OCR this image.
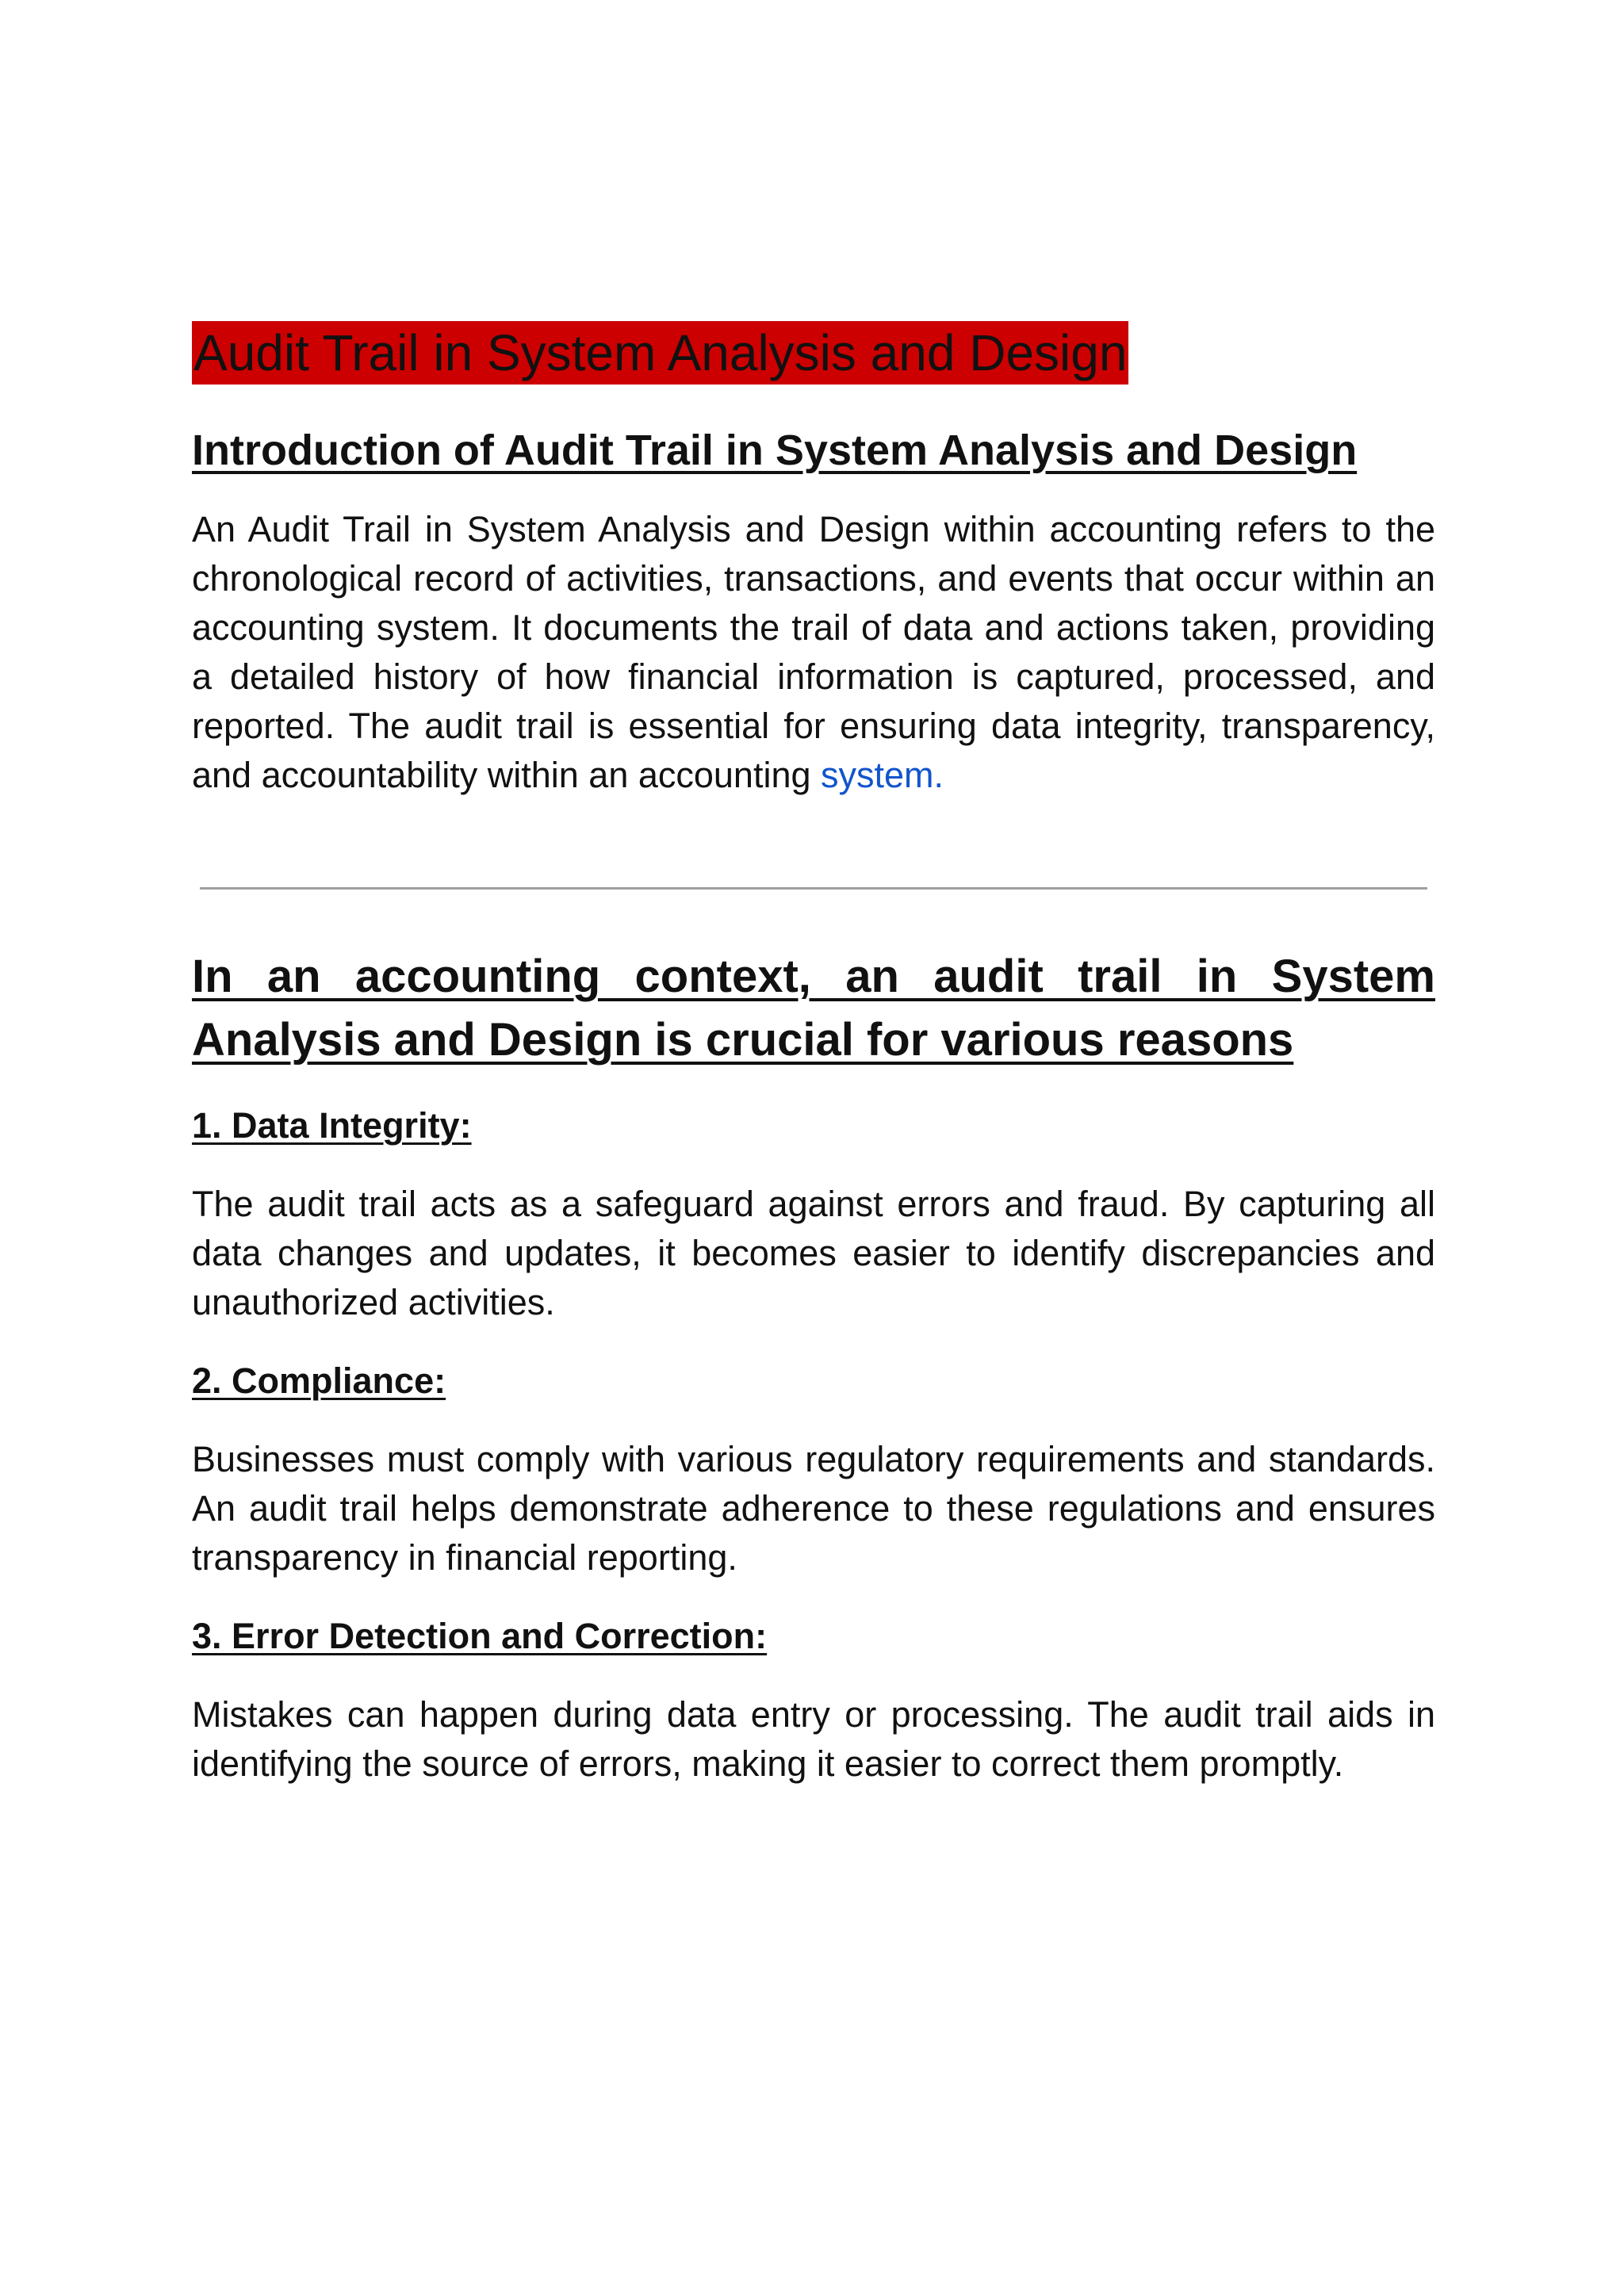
Audit Trail in System Analysis and Design
Introduction of Audit Trail in System Analysis and Design

An Audit Trail in System Analysis and Design within accounting refers to the chronological record of activities, transactions, and events that occur within an accounting system. It documents the trail of data and actions taken, providing a detailed history of how financial information is captured, processed, and reported. The audit trail is essential for ensuring data integrity, transparency, and accountability within an accounting system.

In an accounting context, an audit trail in System Analysis and Design is crucial for various reasons
1. Data Integrity:

The audit trail acts as a safeguard against errors and fraud. By capturing all data changes and updates, it becomes easier to identify discrepancies and unauthorized activities.

2. Compliance:

Businesses must comply with various regulatory requirements and standards. An audit trail helps demonstrate adherence to these regulations and ensures transparency in financial reporting.

3. Error Detection and Correction:

Mistakes can happen during data entry or processing. The audit trail aids in identifying the source of errors, making it easier to correct them promptly.
